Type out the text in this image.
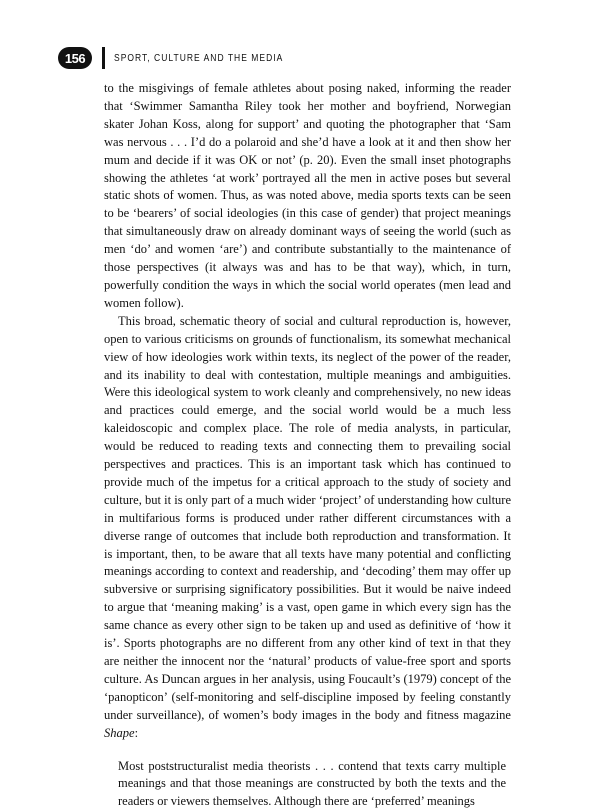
156	SPORT, CULTURE AND THE MEDIA

to the misgivings of female athletes about posing naked, informing the reader that ‘Swimmer Samantha Riley took her mother and boyfriend, Norwegian skater Johan Koss, along for support’ and quoting the photographer that ‘Sam was nervous . . . I’d do a polaroid and she’d have a look at it and then show her mum and decide if it was OK or not’ (p. 20). Even the small inset photographs showing the athletes ‘at work’ portrayed all the men in active poses but several static shots of women. Thus, as was noted above, media sports texts can be seen to be ‘bearers’ of social ideologies (in this case of gender) that project meanings that simultaneously draw on already dominant ways of seeing the world (such as men ‘do’ and women ‘are’) and contribute substantially to the maintenance of those perspectives (it always was and has to be that way), which, in turn, powerfully condition the ways in which the social world operates (men lead and women follow).

This broad, schematic theory of social and cultural reproduction is, however, open to various criticisms on grounds of functionalism, its somewhat mechanical view of how ideologies work within texts, its neglect of the power of the reader, and its inability to deal with contestation, multiple meanings and ambiguities. Were this ideological system to work cleanly and comprehensively, no new ideas and practices could emerge, and the social world would be a much less kaleidoscopic and complex place. The role of media analysts, in particular, would be reduced to reading texts and connecting them to prevailing social perspectives and practices. This is an important task which has continued to provide much of the impetus for a critical approach to the study of society and culture, but it is only part of a much wider ‘project’ of understanding how culture in multifarious forms is produced under rather different circumstances with a diverse range of outcomes that include both reproduction and transformation. It is important, then, to be aware that all texts have many potential and conflicting meanings according to context and readership, and ‘decoding’ them may offer up subversive or surprising significatory possibilities. But it would be naive indeed to argue that ‘meaning making’ is a vast, open game in which every sign has the same chance as every other sign to be taken up and used as definitive of ‘how it is’. Sports photographs are no different from any other kind of text in that they are neither the innocent nor the ‘natural’ products of value-free sport and sports culture. As Duncan argues in her analysis, using Foucault’s (1979) concept of the ‘panopticon’ (self-monitoring and self-discipline imposed by feeling constantly under surveillance), of women’s body images in the body and fitness magazine Shape:

Most poststructuralist media theorists . . . contend that texts carry multiple meanings and that those meanings are constructed by both the texts and the readers or viewers themselves. Although there are ‘preferred’ meanings
